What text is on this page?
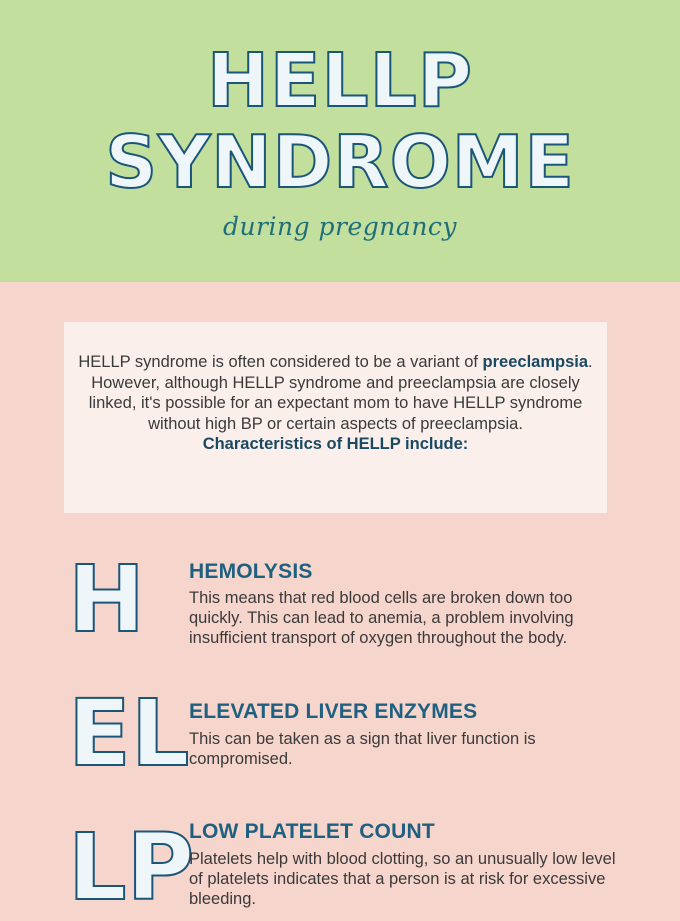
HELLP
SYNDROME
during pregnancy
HELLP syndrome is often considered to be a variant of preeclampsia. However, although HELLP syndrome and preeclampsia are closely linked, it's possible for an expectant mom to have HELLP syndrome without high BP or certain aspects of preeclampsia.
Characteristics of HELLP include:
H HEMOLYSIS
This means that red blood cells are broken down too quickly. This can lead to anemia, a problem involving insufficient transport of oxygen throughout the body.
EL ELEVATED LIVER ENZYMES
This can be taken as a sign that liver function is compromised.
LP
LOW PLATELET COUNT
Platelets help with blood clotting, so an unusually low level of platelets indicates that a person is at risk for excessive bleeding.
